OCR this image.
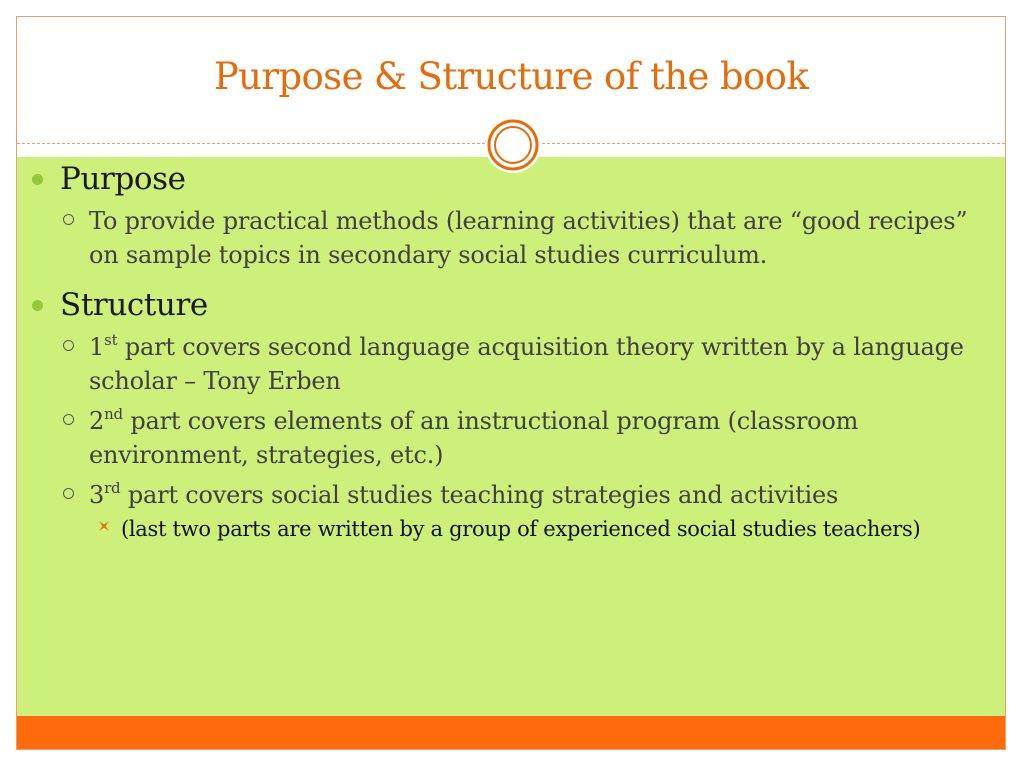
Purpose & Structure of the book
Purpose
To provide practical methods (learning activities) that are “good recipes” on sample topics in secondary social studies curriculum.
Structure
1st part covers second language acquisition theory written by a language scholar – Tony Erben
2nd part covers elements of an instructional program (classroom environment, strategies, etc.)
3rd part covers social studies teaching strategies and activities
(last two parts are written by a group of experienced social studies teachers)
